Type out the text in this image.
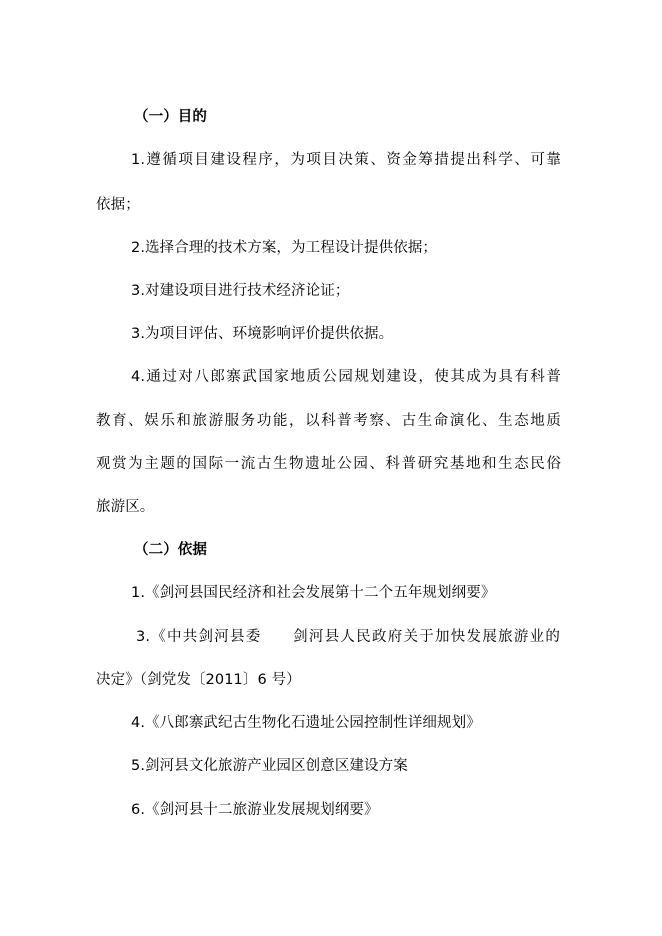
（一）目的
1.遵循项目建设程序，为项目决策、资金筹措提出科学、可靠
依据；
2.选择合理的技术方案，为工程设计提供依据；
3.对建设项目进行技术经济论证；
3.为项目评估、环境影响评价提供依据。
4.通过对八郎寨武国家地质公园规划建设，使其成为具有科普
教育、娱乐和旅游服务功能，以科普考察、古生命演化、生态地质
观赏为主题的国际一流古生物遗址公园、科普研究基地和生态民俗
旅游区。
（二）依据
1.《剑河县国民经济和社会发展第十二个五年规划纲要》
3.《中共剑河县委　　剑河县人民政府关于加快发展旅游业的
决定》（剑党发〔2011〕6 号）
4.《八郎寨武纪古生物化石遗址公园控制性详细规划》
5.剑河县文化旅游产业园区创意区建设方案
6.《剑河县十二旅游业发展规划纲要》
